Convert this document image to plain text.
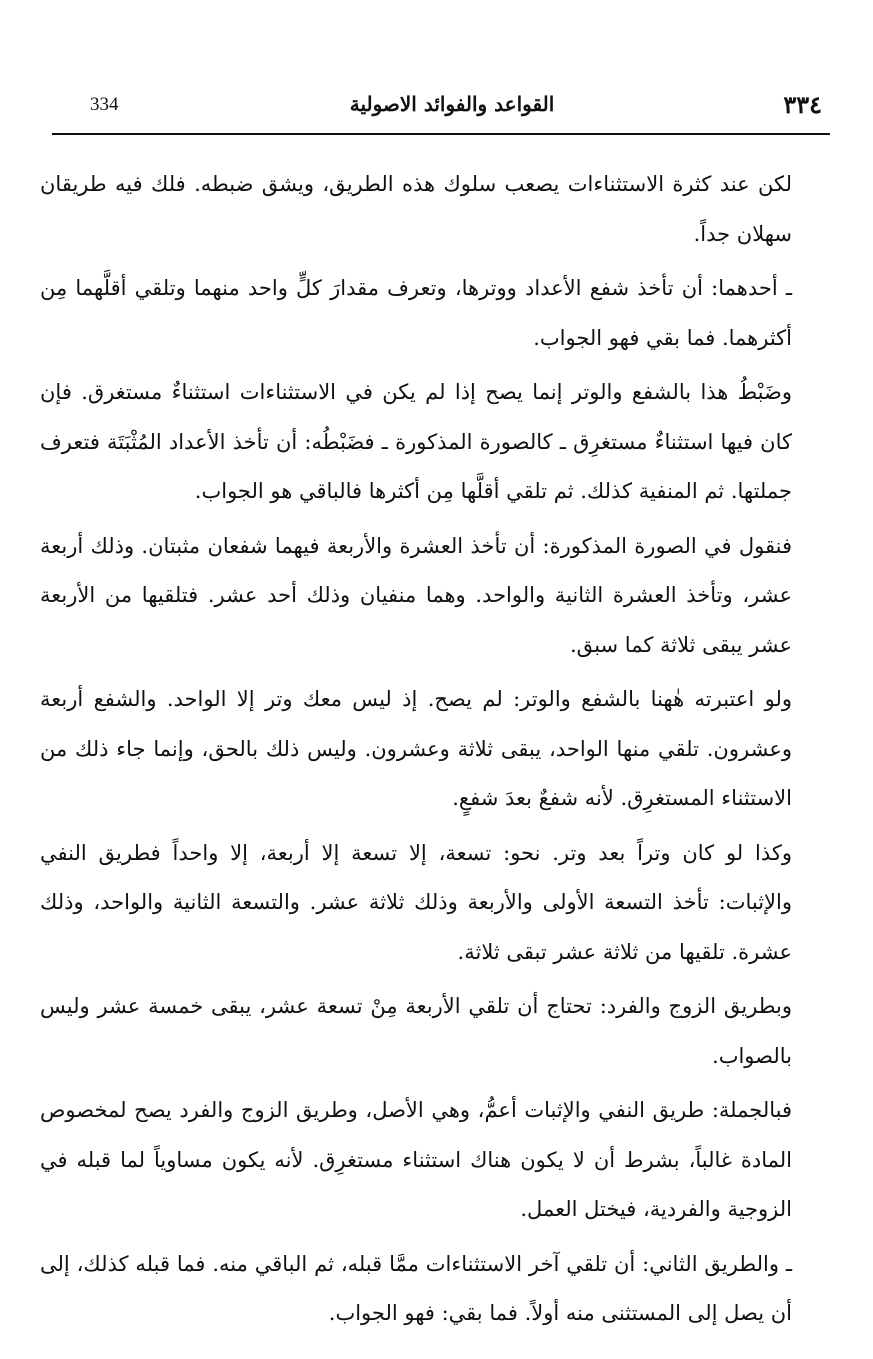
334	القواعد والفوائد الاصولية	٣٣٤

لكن عند كثرة الاستثناءات يصعب سلوك هذه الطريق، ويشق ضبطه. فلك فيه طريقان سهلان جداً.

ـ أحدهما: أن تأخذ شفع الأعداد ووترها، وتعرف مقدارَ كلٍّ واحد منهما وتلقي أقلَّهما مِن أكثرهما. فما بقي فهو الجواب.

وضَبْطُ هذا بالشفع والوتر إنما يصح إذا لم يكن في الاستثناءات استثناءٌ مستغرق. فإن كان فيها استثناءٌ مستغرِق ـ كالصورة المذكورة ـ فضَبْطُه: أن تأخذ الأعداد المُثْبَتَة فتعرف جملتها. ثم المنفية كذلك. ثم تلقي أقلَّها مِن أكثرها فالباقي هو الجواب.

فنقول في الصورة المذكورة: أن تأخذ العشرة والأربعة فيهما شفعان مثبتان. وذلك أربعة عشر، وتأخذ العشرة الثانية والواحد. وهما منفيان وذلك أحد عشر. فتلقيها من الأربعة عشر يبقى ثلاثة كما سبق.

ولو اعتبرته هٰهنا بالشفع والوتر: لم يصح. إذ ليس معك وتر إلا الواحد. والشفع أربعة وعشرون. تلقي منها الواحد، يبقى ثلاثة وعشرون. وليس ذلك بالحق، وإنما جاء ذلك من الاستثناء المستغرِق. لأنه شفعٌ بعدَ شفعٍ.

وكذا لو كان وتراً بعد وتر. نحو: تسعة، إلا تسعة إلا أربعة، إلا واحداً فطريق النفي والإثبات: تأخذ التسعة الأولى والأربعة وذلك ثلاثة عشر. والتسعة الثانية والواحد، وذلك عشرة. تلقيها من ثلاثة عشر تبقى ثلاثة.

وبطريق الزوج والفرد: تحتاج أن تلقي الأربعة مِنْ تسعة عشر، يبقى خمسة عشر وليس بالصواب.

فبالجملة: طريق النفي والإثبات أعمُّ، وهي الأصل، وطريق الزوج والفرد يصح لمخصوص المادة غالباً، بشرط أن لا يكون هناك استثناء مستغرِق. لأنه يكون مساوياً لما قبله في الزوجية والفردية، فيختل العمل.

ـ والطريق الثاني: أن تلقي آخر الاستثناءات ممَّا قبله، ثم الباقي منه. فما قبله كذلك، إلى أن يصل إلى المستثنى منه أولاً. فما بقي: فهو الجواب.
